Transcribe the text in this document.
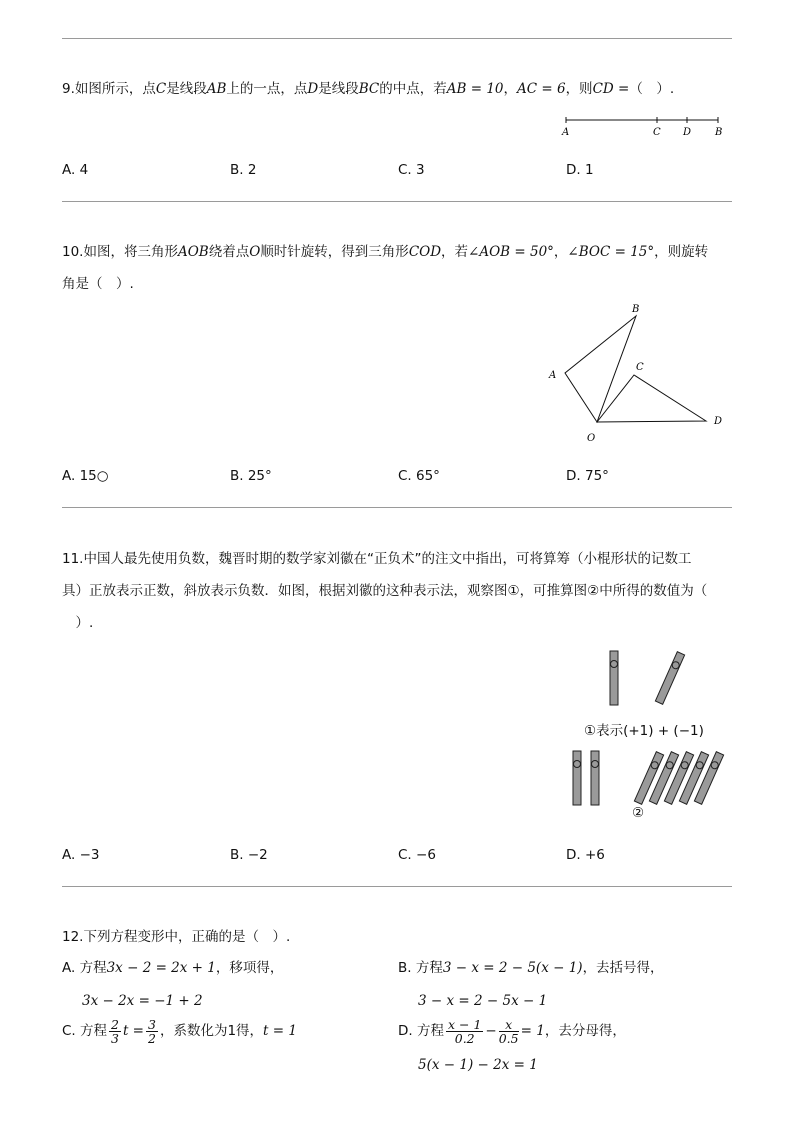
9.如图所示，点C是线段AB上的一点，点D是线段BC的中点，若AB = 10，AC = 6，则CD =（　）.
A	C D B
A. 4	B. 2	C. 3	D. 1
10.如图，将三角形AOB绕着点O顺时针旋转，得到三角形COD，若∠AOB = 50°，∠BOC = 15°，则旋转
角是（　）.
B
A
C
D
O
A. 15○	B. 25°	C. 65°	D. 75°
11.中国人最先使用负数，魏晋时期的数学家刘徽在“正负术”的注文中指出，可将算筹（小棍形状的记数工
具）正放表示正数，斜放表示负数．如图，根据刘徽的这种表示法，观察图①，可推算图②中所得的数值为（
　）.
①表示(+1) + (−1)
②
A. −3	B. −2	C. −6	D. +6
12.下列方程变形中，正确的是（　）.
A. 方程3x − 2 = 2x + 1，移项得，
3x − 2x = −1 + 2
B. 方程3 − x = 2 − 5(x − 1)，去括号得，
3 − x = 2 − 5x − 1
C. 方程 $\frac{2}{3}$ $t = \frac{3}{2}$ ，系数化为1得，t = 1	D. 方程 $\frac{x - 1}{0.2} - \frac{x}{0.5} = 1$，去分母得，
5(x − 1) − 2x = 1
